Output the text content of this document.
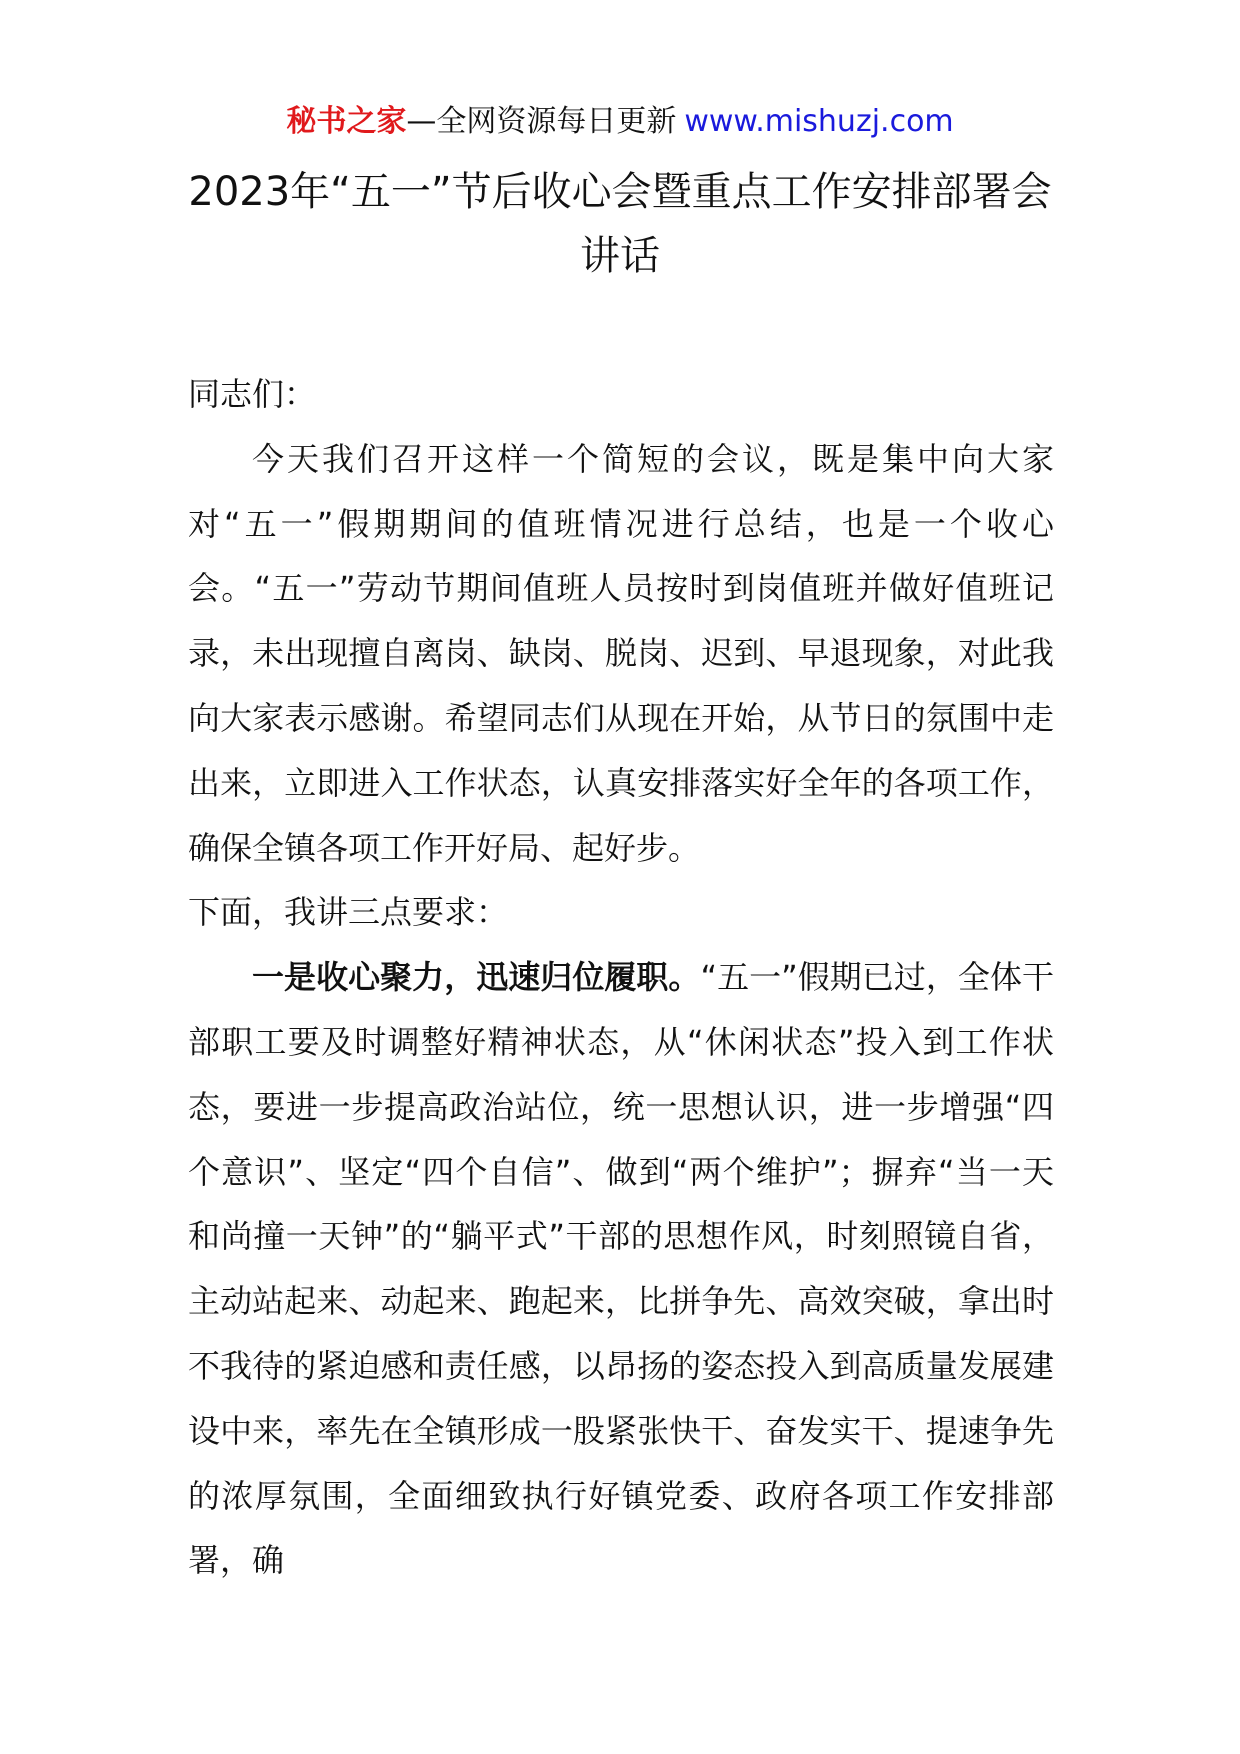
秘书之家—全网资源每日更新 www.mishuzj.com
2023年“五一”节后收心会暨重点工作安排部署会讲话

同志们：

今天我们召开这样一个简短的会议，既是集中向大家对“五一”假期期间的值班情况进行总结，也是一个收心会。“五一”劳动节期间值班人员按时到岗值班并做好值班记录，未出现擅自离岗、缺岗、脱岗、迟到、早退现象，对此我向大家表示感谢。希望同志们从现在开始，从节日的氛围中走出来，立即进入工作状态，认真安排落实好全年的各项工作，确保全镇各项工作开好局、起好步。

下面，我讲三点要求：

一是收心聚力，迅速归位履职。“五一”假期已过，全体干部职工要及时调整好精神状态，从“休闲状态”投入到工作状态，要进一步提高政治站位，统一思想认识，进一步增强“四个意识”、坚定“四个自信”、做到“两个维护”；摒弃“当一天和尚撞一天钟”的“躺平式”干部的思想作风，时刻照镜自省，主动站起来、动起来、跑起来，比拼争先、高效突破，拿出时不我待的紧迫感和责任感，以昂扬的姿态投入到高质量发展建设中来，率先在全镇形成一股紧张快干、奋发实干、提速争先的浓厚氛围，全面细致执行好镇党委、政府各项工作安排部署，确
